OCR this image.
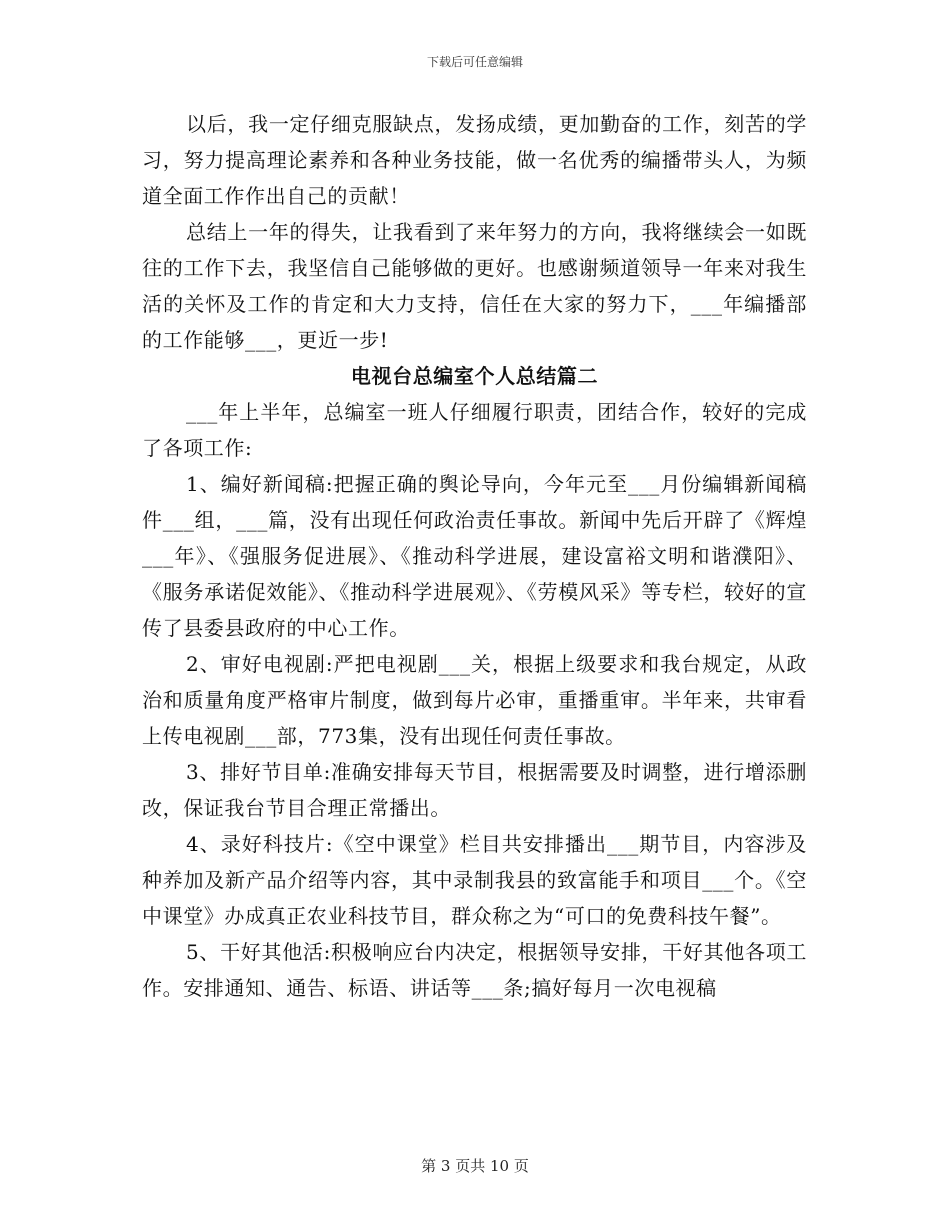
下载后可任意编辑

以后，我一定仔细克服缺点，发扬成绩，更加勤奋的工作，刻苦的学习，努力提高理论素养和各种业务技能，做一名优秀的编播带头人，为频道全面工作作出自己的贡献！

总结上一年的得失，让我看到了来年努力的方向，我将继续会一如既往的工作下去，我坚信自己能够做的更好。也感谢频道领导一年来对我生活的关怀及工作的肯定和大力支持，信任在大家的努力下，___年编播部的工作能够___，更近一步!

电视台总编室个人总结篇二

___年上半年，总编室一班人仔细履行职责，团结合作，较好的完成了各项工作:

1、编好新闻稿:把握正确的舆论导向，今年元至___月份编辑新闻稿件___组，___篇，没有出现任何政治责任事故。新闻中先后开辟了《辉煌___年》、《强服务促进展》、《推动科学进展，建设富裕文明和谐濮阳》、《服务承诺促效能》、《推动科学进展观》、《劳模风采》等专栏，较好的宣传了县委县政府的中心工作。

2、审好电视剧:严把电视剧___关，根据上级要求和我台规定，从政治和质量角度严格审片制度，做到每片必审，重播重审。半年来，共审看上传电视剧___部，773集，没有出现任何责任事故。

3、排好节目单:准确安排每天节目，根据需要及时调整，进行增添删改，保证我台节目合理正常播出。

4、录好科技片:《空中课堂》栏目共安排播出___期节目，内容涉及种养加及新产品介绍等内容，其中录制我县的致富能手和项目___个。《空中课堂》办成真正农业科技节目，群众称之为“可口的免费科技午餐”。

5、干好其他活:积极响应台内决定，根据领导安排，干好其他各项工作。安排通知、通告、标语、讲话等___条;搞好每月一次电视稿

第 3 页共 10 页
